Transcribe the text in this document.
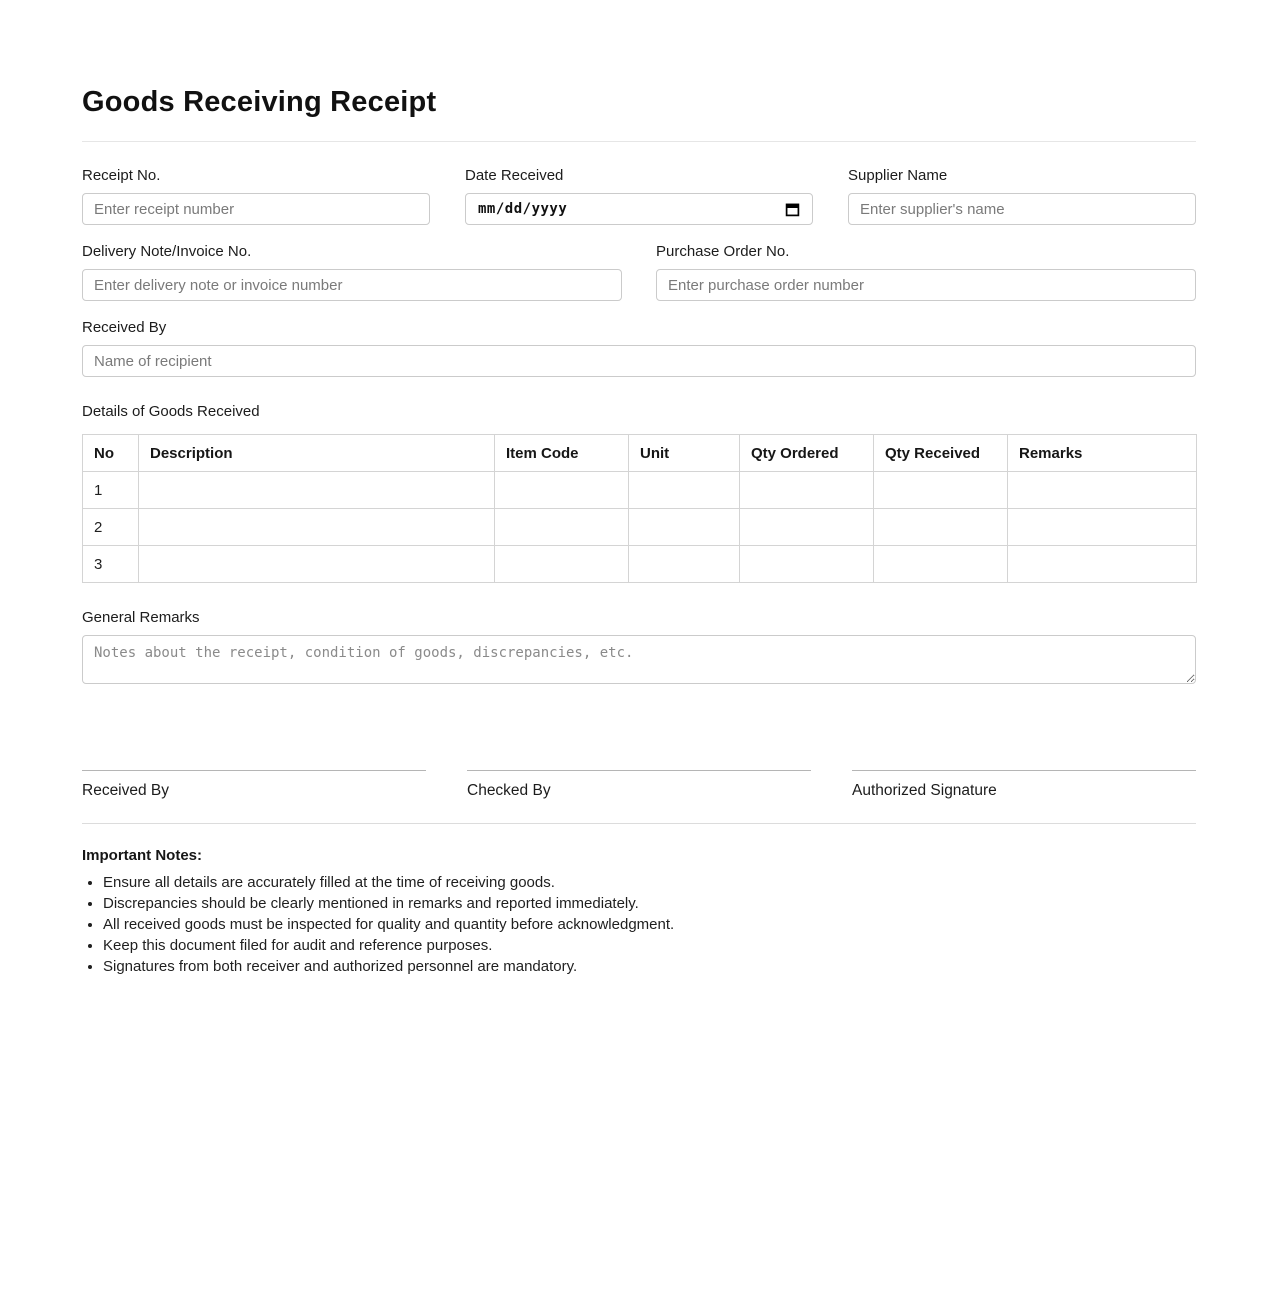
Goods Receiving Receipt
Receipt No.
Enter receipt number	Date Received
mm/dd/yyyy
Supplier Name
Enter supplier's name
Delivery Note/Invoice No.
Enter delivery note or invoice number	Purchase Order No.
Enter purchase order number
Received By
Name of recipient
Details of Goods Received
No	Description	Item Code	Unit	Qty Ordered	Qty Received	Remarks
1						
2						
3						
General Remarks
Notes about the receipt, condition of goods, discrepancies, etc.
Received By	Checked By	Authorized Signature
Important Notes:
• Ensure all details are accurately filled at the time of receiving goods.
• Discrepancies should be clearly mentioned in remarks and reported immediately.
• All received goods must be inspected for quality and quantity before acknowledgment.
• Keep this document filed for audit and reference purposes.
• Signatures from both receiver and authorized personnel are mandatory.
